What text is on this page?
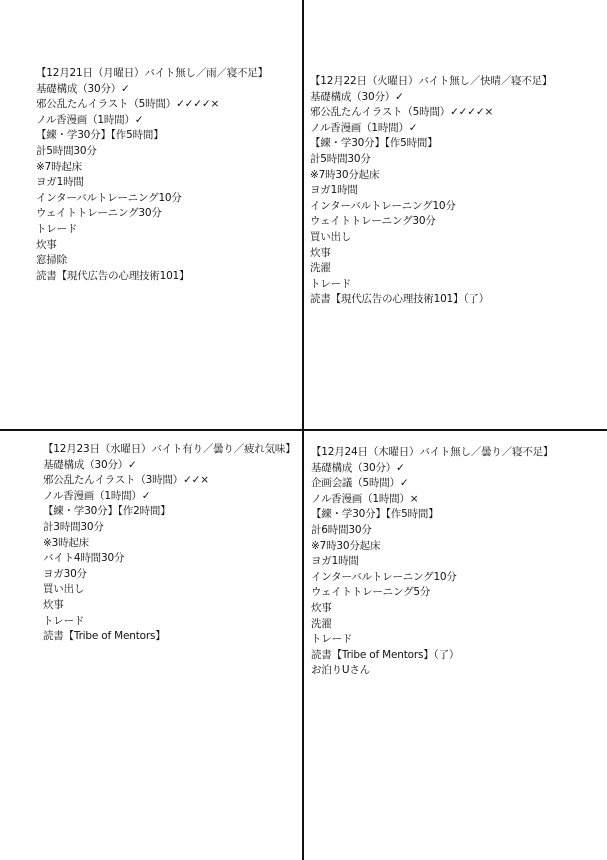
【12月21日（月曜日）バイト無し／雨／寝不足】
基礎構成（30分）✓
邪公乱たんイラスト（5時間）✓✓✓✓×
ノル香漫画（1時間）✓
【練・学30分】【作5時間】
計5時間30分
※7時起床
ヨガ1時間
インターバルトレーニング10分
ウェイトトレーニング30分
トレード
炊事
窓掃除
読書【現代広告の心理技術101】
【12月22日（火曜日）バイト無し／快晴／寝不足】
基礎構成（30分）✓
邪公乱たんイラスト（5時間）✓✓✓✓×
ノル香漫画（1時間）✓
【練・学30分】【作5時間】
計5時間30分
※7時30分起床
ヨガ1時間
インターバルトレーニング10分
ウェイトトレーニング30分
買い出し
炊事
洗濯
トレード
読書【現代広告の心理技術101】（了）
【12月23日（水曜日）バイト有り／曇り／疲れ気味】
基礎構成（30分）✓
邪公乱たんイラスト（3時間）✓✓×
ノル香漫画（1時間）✓
【練・学30分】【作2時間】
計3時間30分
※3時起床
バイト4時間30分
ヨガ30分
買い出し
炊事
トレード
読書【Tribe of Mentors】
【12月24日（木曜日）バイト無し／曇り／寝不足】
基礎構成（30分）✓
企画会議（5時間）✓
ノル香漫画（1時間）×
【練・学30分】【作5時間】
計6時間30分
※7時30分起床
ヨガ1時間
インターバルトレーニング10分
ウェイトトレーニング5分
炊事
洗濯
トレード
読書【Tribe of Mentors】（了）
お泊りUさん
